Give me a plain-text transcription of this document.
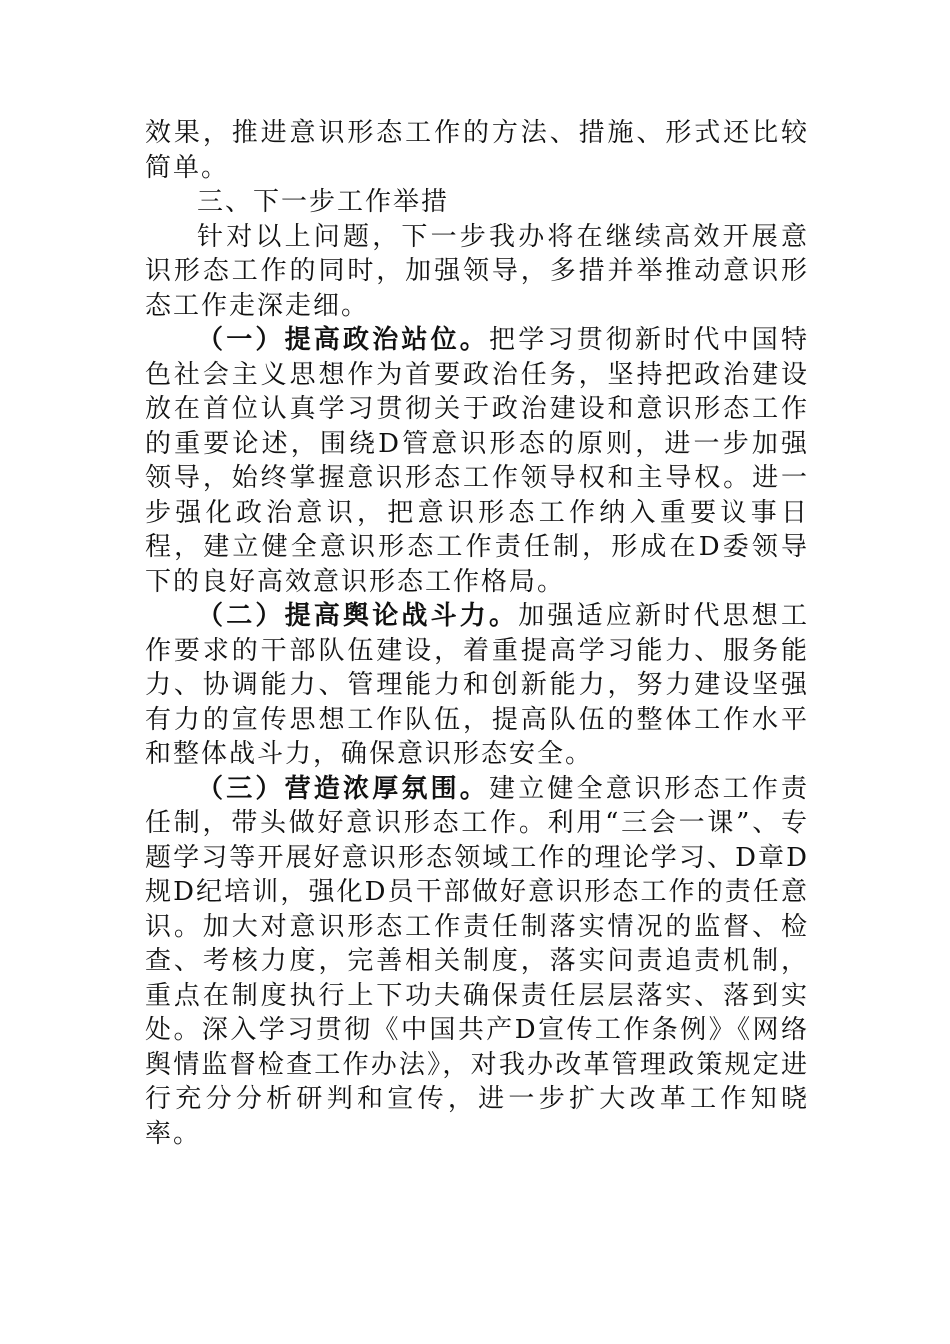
效果，推进意识形态工作的方法、措施、形式还比较简单。

三、下一步工作举措

针对以上问题，下一步我办将在继续高效开展意识形态工作的同时，加强领导，多措并举推动意识形态工作走深走细。

（一）提高政治站位。把学习贯彻新时代中国特色社会主义思想作为首要政治任务，坚持把政治建设放在首位认真学习贯彻关于政治建设和意识形态工作的重要论述，围绕D管意识形态的原则，进一步加强领导，始终掌握意识形态工作领导权和主导权。进一步强化政治意识，把意识形态工作纳入重要议事日程，建立健全意识形态工作责任制，形成在D委领导下的良好高效意识形态工作格局。

（二）提高舆论战斗力。加强适应新时代思想工作要求的干部队伍建设，着重提高学习能力、服务能力、协调能力、管理能力和创新能力，努力建设坚强有力的宣传思想工作队伍，提高队伍的整体工作水平和整体战斗力，确保意识形态安全。

（三）营造浓厚氛围。建立健全意识形态工作责任制，带头做好意识形态工作。利用“三会一课”、专题学习等开展好意识形态领域工作的理论学习、D章D规D纪培训，强化D员干部做好意识形态工作的责任意识。加大对意识形态工作责任制落实情况的监督、检查、考核力度，完善相关制度，落实问责追责机制，重点在制度执行上下功夫确保责任层层落实、落到实处。深入学习贯彻《中国共产D宣传工作条例》《网络舆情监督检查工作办法》，对我办改革管理政策规定进行充分分析研判和宣传，进一步扩大改革工作知晓率。
